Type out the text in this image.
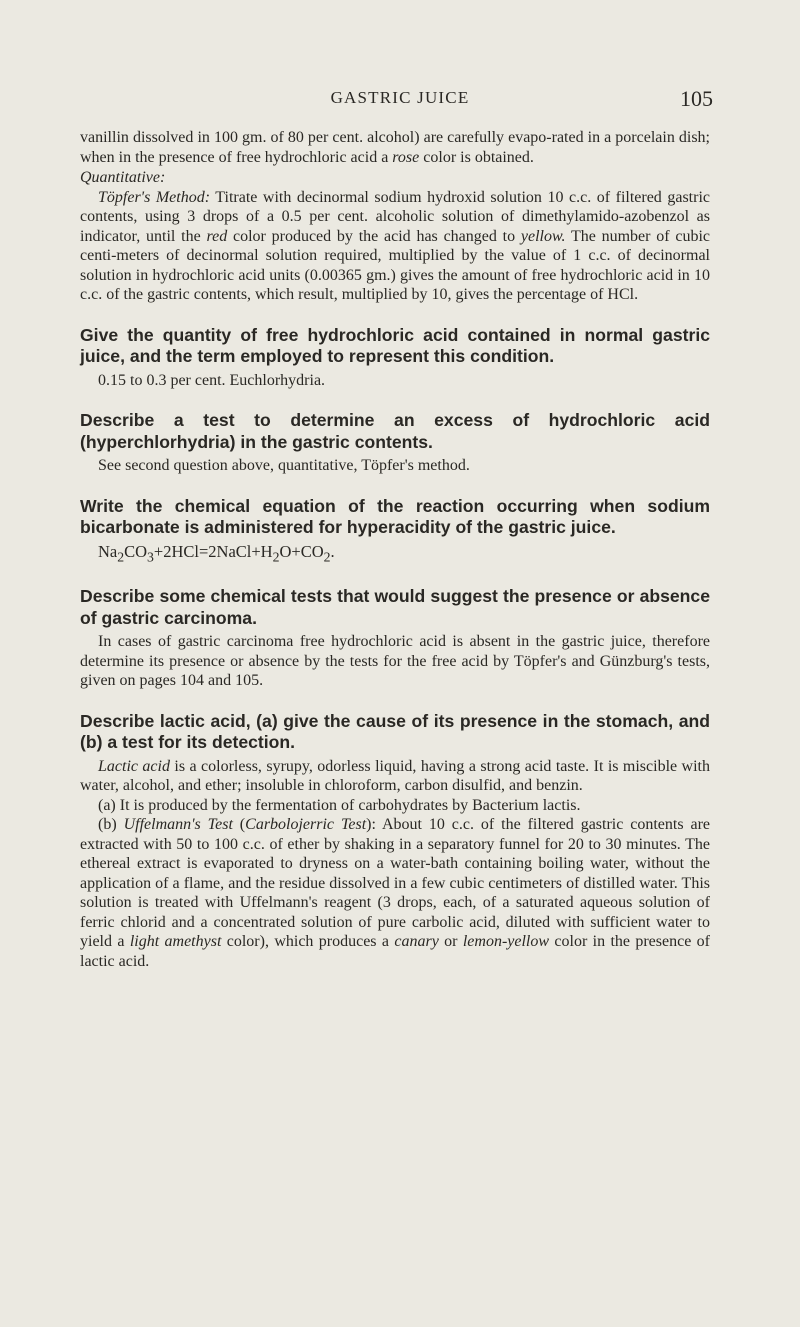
GASTRIC JUICE	105

vanillin dissolved in 100 gm. of 80 per cent. alcohol) are carefully evapo-rated in a porcelain dish; when in the presence of free hydrochloric acid a rose color is obtained.

Quantitative:

Töpfer's Method: Titrate with decinormal sodium hydroxid solution 10 c.c. of filtered gastric contents, using 3 drops of a 0.5 per cent. alcoholic solution of dimethylamido-azobenzol as indicator, until the red color produced by the acid has changed to yellow. The number of cubic centi-meters of decinormal solution required, multiplied by the value of 1 c.c. of decinormal solution in hydrochloric acid units (0.00365 gm.) gives the amount of free hydrochloric acid in 10 c.c. of the gastric contents, which result, multiplied by 10, gives the percentage of HCl.

Give the quantity of free hydrochloric acid contained in normal gastric juice, and the term employed to represent this condition.

0.15 to 0.3 per cent. Euchlorhydria.

Describe a test to determine an excess of hydrochloric acid (hyperchlorhydria) in the gastric contents.

See second question above, quantitative, Töpfer's method.

Write the chemical equation of the reaction occurring when sodium bicarbonate is administered for hyperacidity of the gastric juice.

$Na_2CO_3+2HCl=2NaCl+H_2O+CO_2$.

Describe some chemical tests that would suggest the presence or absence of gastric carcinoma.

In cases of gastric carcinoma free hydrochloric acid is absent in the gastric juice, therefore determine its presence or absence by the tests for the free acid by Töpfer's and Günzburg's tests, given on pages 104 and 105.

Describe lactic acid, (a) give the cause of its presence in the stomach, and (b) a test for its detection.

Lactic acid is a colorless, syrupy, odorless liquid, having a strong acid taste. It is miscible with water, alcohol, and ether; insoluble in chloroform, carbon disulfid, and benzin.

(a) It is produced by the fermentation of carbohydrates by Bacterium lactis.

(b) Uffelmann's Test (Carbolojerric Test): About 10 c.c. of the filtered gastric contents are extracted with 50 to 100 c.c. of ether by shaking in a separatory funnel for 20 to 30 minutes. The ethereal extract is evaporated to dryness on a water-bath containing boiling water, without the application of a flame, and the residue dissolved in a few cubic centimeters of distilled water. This solution is treated with Uffelmann's reagent (3 drops, each, of a saturated aqueous solution of ferric chlorid and a concentrated solution of pure carbolic acid, diluted with sufficient water to yield a light amethyst color), which produces a canary or lemon-yellow color in the presence of lactic acid.
